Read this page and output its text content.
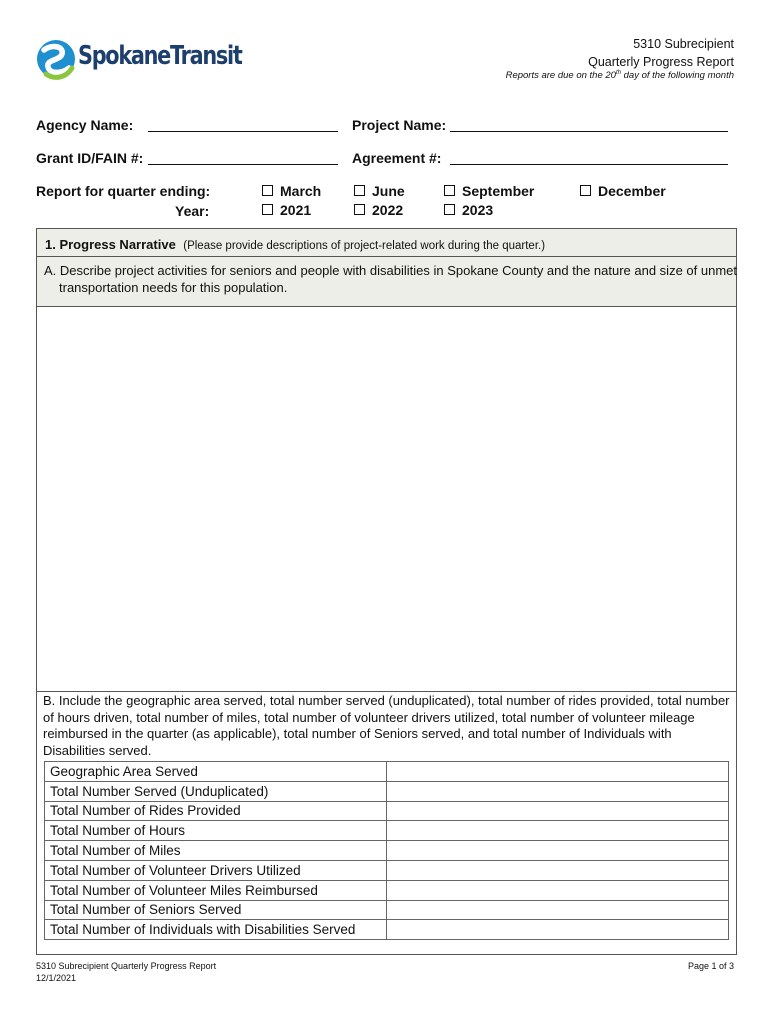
SpokaneTransit	5310 Subrecipient
Quarterly Progress Report
Reports are due on the 20th day of the following month
Agency Name:	Project Name:
Grant ID/FAIN #:	Agreement #:
Report for quarter ending:
Year:
March	June	September	December
2021	2022	2023
1. Progress Narrative (Please provide descriptions of project-related work during the quarter.)
A. Describe project activities for seniors and people with disabilities in Spokane County and the nature and size of unmet transportation needs for this population.
B. Include the geographic area served, total number served (unduplicated), total number of rides provided, total number of hours driven, total number of miles, total number of volunteer drivers utilized, total number of volunteer mileage reimbursed in the quarter (as applicable), total number of Seniors served, and total number of Individuals with Disabilities served.
Geographic Area Served	
Total Number Served (Unduplicated)	
Total Number of Rides Provided	
Total Number of Hours	
Total Number of Miles	
Total Number of Volunteer Drivers Utilized	
Total Number of Volunteer Miles Reimbursed	
Total Number of Seniors Served	
Total Number of Individuals with Disabilities Served	
5310 Subrecipient Quarterly Progress Report
12/1/2021
Page 1 of 3
